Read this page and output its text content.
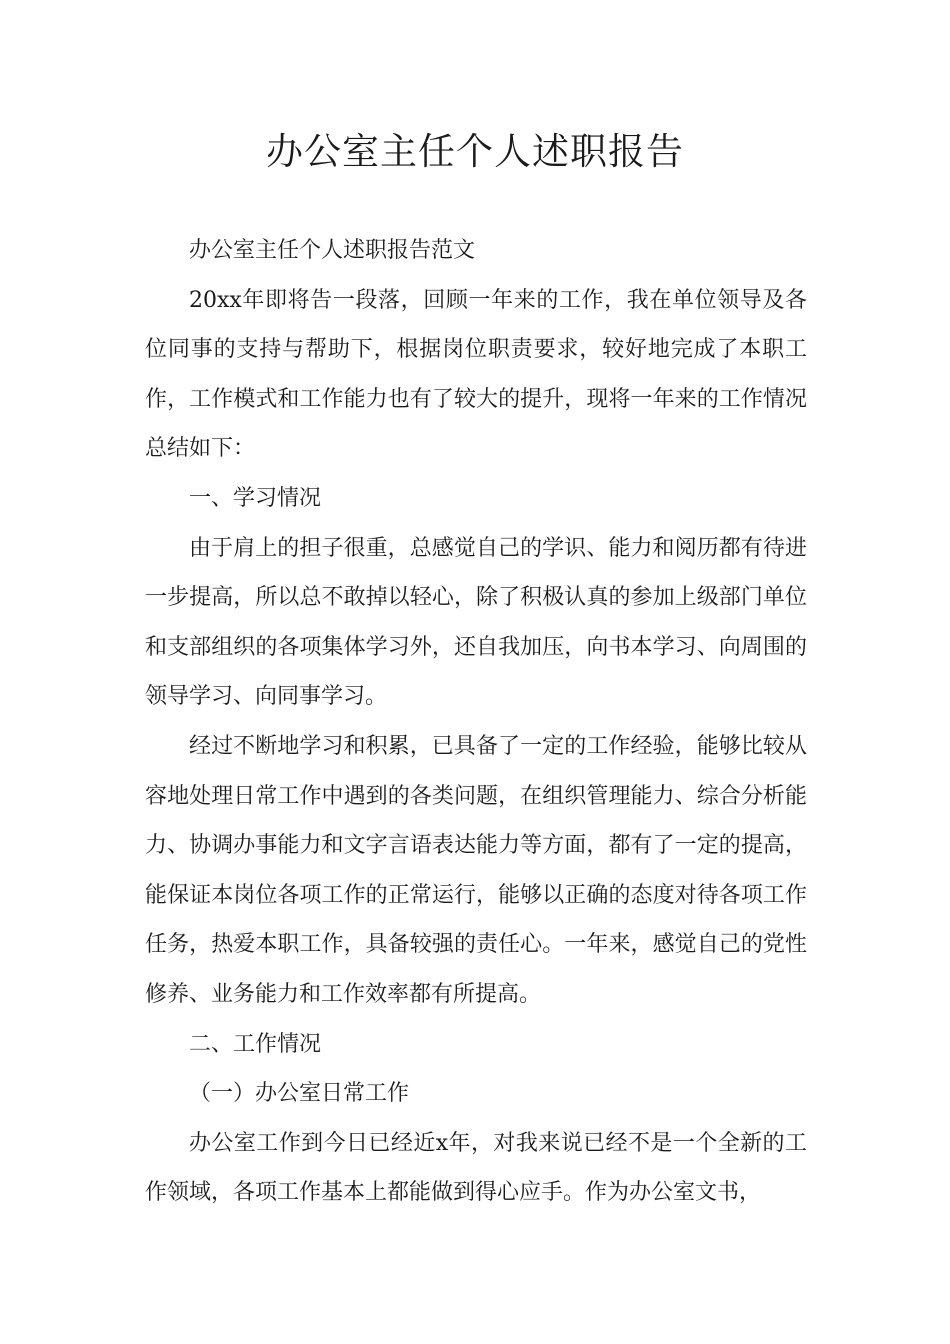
办公室主任个人述职报告

办公室主任个人述职报告范文

20xx年即将告一段落，回顾一年来的工作，我在单位领导及各位同事的支持与帮助下，根据岗位职责要求，较好地完成了本职工作，工作模式和工作能力也有了较大的提升，现将一年来的工作情况总结如下：

一、学习情况

由于肩上的担子很重，总感觉自己的学识、能力和阅历都有待进一步提高，所以总不敢掉以轻心，除了积极认真的参加上级部门单位和支部组织的各项集体学习外，还自我加压，向书本学习、向周围的领导学习、向同事学习。

经过不断地学习和积累，已具备了一定的工作经验，能够比较从容地处理日常工作中遇到的各类问题，在组织管理能力、综合分析能力、协调办事能力和文字言语表达能力等方面，都有了一定的提高，能保证本岗位各项工作的正常运行，能够以正确的态度对待各项工作任务，热爱本职工作，具备较强的责任心。一年来，感觉自己的党性修养、业务能力和工作效率都有所提高。

二、工作情况

（一）办公室日常工作

办公室工作到今日已经近x年，对我来说已经不是一个全新的工作领域，各项工作基本上都能做到得心应手。作为办公室文书，
